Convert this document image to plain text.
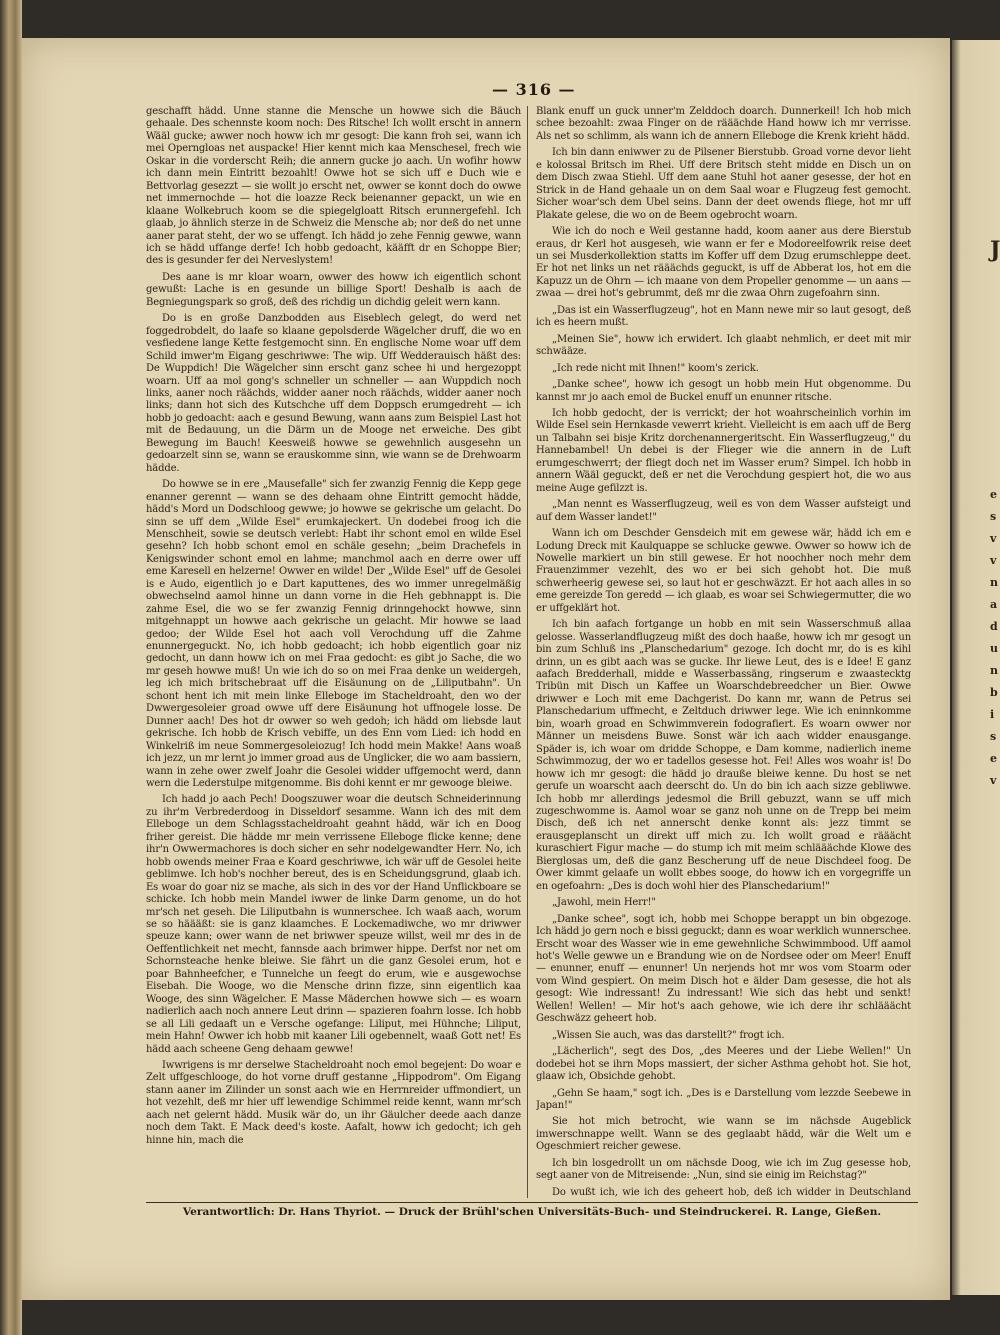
J
e
s
v
v
n
a
d
u
n
b
i
s
e
v
— 316 —

geschafft hädd. Unne stanne die Mensche un howwe sich die Bäuch gehaale. Des schennste koom noch: Des Ritsche! Ich wollt erscht in annern Wääl gucke; awwer noch howw ich mr gesogt: Die kann froh sei, wann ich mei Operngloas net auspacke! Hier kennt mich kaa Menschesel, frech wie Oskar in die vorderscht Reih; die annern gucke jo aach. Un wofihr howw ich dann mein Eintritt bezoahlt! Owwe hot se sich uff e Duch wie e Bettvorlag gesezzt — sie wollt jo erscht net, owwer se konnt doch do owwe net immernochde — hot die loazze Reck beienanner gepackt, un wie en klaane Wolkebruch koom se die spiegelgloatt Ritsch erunnergefehl. Ich glaab, jo ähnlich sterze in de Schweiz die Mensche ab; nor deß do net unne aaner parat steht, der wo se uffengt. Ich hädd jo zehe Fennig gewwe, wann ich se hädd uffange derfe! Ich hobb gedoacht, kääfft dr en Schoppe Bier; des is gesunder fer dei Nerveslystem!

Des aane is mr kloar woarn, owwer des howw ich eigentlich schont gewußt: Lache is en gesunde un billige Sport! Deshalb is aach de Begniegungspark so groß, deß des richdig un dichdig geleit wern kann.

Do is en große Danzbodden aus Eiseblech gelegt, do werd net foggedrobdelt, do laafe so klaane gepolsderde Wägelcher druff, die wo en vesfiedene lange Kette festgemocht sinn. En englische Nome woar uff dem Schild imwer'm Eigang geschriwwe: The wip. Uff Wedderauisch häßt des: De Wuppdich! Die Wägelcher sinn erscht ganz schee hi und hergezoppt woarn. Uff aa mol gong's schneller un schneller — aan Wuppdich noch links, aaner noch räächds, widder aaner noch räächds, widder aaner noch links; dann hot sich des Kutschche uff dem Doppsch erumgedreht — ich hobb jo gedoacht: aach e gesund Bewung, wann aans zum Beispiel Last hot mit de Bedauung, un die Därm un de Mooge net erweiche. Des gibt Bewegung im Bauch! Keesweiß howwe se gewehnlich ausgesehn un gedoarzelt sinn se, wann se erauskomme sinn, wie wann se de Drehwoarm hädde.

Do howwe se in ere „Mausefalle" sich fer zwanzig Fennig die Kepp gege enanner gerennt — wann se des dehaam ohne Eintritt gemocht hädde, hädd's Mord un Dodschloog gewwe; jo howwe se gekrische um gelacht. Do sinn se uff dem „Wilde Esel" erumkajeckert. Un dodebei froog ich die Menschheit, sowie se deutsch verlebt: Habt ihr schont emol en wilde Esel gesehn? Ich hobb schont emol en schäle gesehn; „beim Drachefels in Kenigswinder schont emol en lahme; manchmol aach en derre ower uff eme Karesell en helzerne! Owwer en wilde! Der „Wilde Esel" uff de Gesolei is e Audo, eigentlich jo e Dart kaputtenes, des wo immer unregelmäßig obwechselnd aamol hinne un dann vorne in die Heh gebhnappt is. Die zahme Esel, die wo se fer zwanzig Fennig drinngehockt howwe, sinn mitgehnappt un howwe aach gekrische un gelacht. Mir howwe se laad gedoo; der Wilde Esel hot aach voll Verochdung uff die Zahme enunnergeguckt. No, ich hobb gedoacht; ich hobb eigentlich goar niz gedocht, un dann howw ich on mei Fraa gedocht: es gibt jo Sache, die wo mr geseh howwe muß! Un wie ich do so on mei Fraa denke un weidergeh, leg ich mich britschebraat uff die Eisäunung on de „Liliputbahn". Un schont hent ich mit mein linke Elleboge im Stacheldroaht, den wo der Dwwergesoleier groad owwe uff dere Eisäunung hot uffnogele losse. De Dunner aach! Des hot dr owwer so weh gedoh; ich hädd om liebsde laut gekrische. Ich hobb de Krisch vebiffe, un des Enn vom Lied: ich hodd en Winkelriß im neue Sommergesoleiozug! Ich hodd mein Makke! Aans woaß ich jezz, un mr lernt jo immer groad aus de Unglicker, die wo aam bassiern, wann in zehe ower zwelf Joahr die Gesolei widder uffgemocht werd, dann wern die Lederstulpe mitgenomme. Bis dohi kennt er mr gewooge bleiwe.

Ich hadd jo aach Pech! Doogszuwer woar die deutsch Schneiderinnung zu ihr'm Verbrederdoog in Disseldorf sesamme. Wann ich des mit dem Elleboge un dem Schlagsstacheldroaht geahnt hädd, wär ich en Doog friher gereist. Die hädde mr mein verrissene Elleboge flicke kenne; dene ihr'n Owwermachores is doch sicher en sehr nodelgewandter Herr. No, ich hobb owends meiner Fraa e Koard geschriwwe, ich wär uff de Gesolei heite geblimwe. Ich hob's nochher bereut, des is en Scheidungsgrund, glaab ich. Es woar do goar niz se mache, als sich in des vor der Hand Unflickboare se schicke. Ich hobb mein Mandel iwwer de linke Darm genome, un do hot mr'sch net geseh. Die Liliputbahn is wunnerschee. Ich waaß aach, worum se so häääßt: sie is ganz klaamches. E Lockemadiwche, wo mr driwwer speuze kann; ower wann de net briwwer speuze willst, weil mr des in de Oeffentlichkeit net mecht, fannsde aach brimwer hippe. Derfst nor net om Schornsteache henke bleiwe. Sie fährt un die ganz Gesolei erum, hot e poar Bahnheefcher, e Tunnelche un feegt do erum, wie e ausgewochse Eisebah. Die Wooge, wo die Mensche drinn fizze, sinn eigentlich kaa Wooge, des sinn Wägelcher. E Masse Mäderchen howwe sich — es woarn nadierlich aach noch annere Leut drinn — spazieren foahrn losse. Ich hobb se all Lili gedaaft un e Versche ogefange: Liliput, mei Hühnche; Liliput, mein Hahn! Owwer ich hobb mit kaaner Lili ogebennelt, waaß Gott net! Es hädd aach scheene Geng dehaam gewwe!

Iwwrigens is mr derselwe Stacheldroaht noch emol begejent: Do woar e Zelt uffgeschlooge, do hot vorne druff gestanne „Hippodrom". Om Eigang stann aaner im Zilinder un sonst aach wie en Herrnreider uffmondiert, un hot vezehlt, deß mr hier uff lewendige Schimmel reide kennt, wann mr'sch aach net gelernt hädd. Musik wär do, un ihr Gäulcher deede aach danze noch dem Takt. E Mack deed's koste. Aafalt, howw ich gedocht; ich geh hinne hin, mach die

Blank enuff un guck unner'm Zelddoch doarch. Dunnerkeil! Ich hob mich schee bezoahlt: zwaa Finger on de rääächde Hand howw ich mr verrisse. Als net so schlimm, als wann ich de annern Elleboge die Krenk krieht hädd.

Ich bin dann eniwwer zu de Pilsener Bierstubb. Groad vorne devor lieht e kolossal Britsch im Rhei. Uff dere Britsch steht midde en Disch un on dem Disch zwaa Stiehl. Uff dem aane Stuhl hot aaner gesesse, der hot en Strick in de Hand gehaale un on dem Saal woar e Flugzeug fest gemocht. Sicher woar'sch dem Ubel seins. Dann der deet owends fliege, hot mr uff Plakate gelese, die wo on de Beem ogebrocht woarn.

Wie ich do noch e Weil gestanne hadd, koom aaner aus dere Bierstub eraus, dr Kerl hot ausgeseh, wie wann er fer e Modoreelfowrik reise deet un sei Musderkollektion statts im Koffer uff dem Dzug erumschleppe deet. Er hot net links un net rääächds geguckt, is uff de Abberat los, hot em die Kapuzz un de Ohrn — ich maane von dem Propeller genomme — un aans — zwaa — drei hot's gebrummt, deß mr die zwaa Ohrn zugefoahrn sinn.

„Das ist ein Wasserflugzeug", hot en Mann newe mir so laut gesogt, deß ich es heern mußt.

„Meinen Sie", howw ich erwidert. Ich glaabt nehmlich, er deet mit mir schwääze.

„Ich rede nicht mit Ihnen!" koom's zerick.

„Danke schee", howw ich gesogt un hobb mein Hut obgenomme. Du kannst mr jo aach emol de Buckel enuff un enunner ritsche.

Ich hobb gedocht, der is verrickt; der hot woahrscheinlich vorhin im Wilde Esel sein Hernkasde vewerrt krieht. Vielleicht is em aach uff de Berg un Talbahn sei bisje Kritz dorchenannergeritscht. Ein Wasserflugzeug," du Hannebambel! Un debei is der Flieger wie die annern in de Luft erumgeschwerrt; der fliegt doch net im Wasser erum? Simpel. Ich hobb in annern Wääl geguckt, deß er net die Verochdung gespiert hot, die wo aus meine Auge gefilzzt is.

„Man nennt es Wasserflugzeug, weil es von dem Wasser aufsteigt und auf dem Wasser landet!"

Wann ich om Deschder Gensdeich mit em gewese wär, hädd ich em e Lodung Dreck mit Kaulquappe se schlucke gewwe. Owwer so howw ich de Nowelle markiert un bin still gewese. Er hot noochher noch mehr dem Frauenzimmer vezehlt, des wo er bei sich gehobt hot. Die muß schwerheerig gewese sei, so laut hot er geschwäzzt. Er hot aach alles in so eme gereizde Ton geredd — ich glaab, es woar sei Schwiegermutter, die wo er uffgeklärt hot.

Ich bin aafach fortgange un hobb en mit sein Wasserschmuß allaa gelosse. Wasserlandflugzeug mißt des doch haaße, howw ich mr gesogt un bin zum Schluß ins „Planschedarium" gezoge. Ich docht mr, do is es kihl drinn, un es gibt aach was se gucke. Ihr liewe Leut, des is e Idee! E ganz aafach Bredderhall, midde e Wasserbassäng, ringserum e zwaastecktg Tribün mit Disch un Kaffee un Woarschdebreedcher un Bier. Owwe driwwer e Loch mit eme Dachgerist. Do kann mr, wann de Petrus sei Planschedarium uffmecht, e Zeltduch driwwer lege. Wie ich eninnkomme bin, woarh groad en Schwimmverein fodografiert. Es woarn owwer nor Männer un meisdens Buwe. Sonst wär ich aach widder enausgange. Späder is, ich woar om dridde Schoppe, e Dam komme, nadierlich ineme Schwimmozug, der wo er tadellos gesesse hot. Fei! Alles wos woahr is! Do howw ich mr gesogt: die hädd jo drauße bleiwe kenne. Du host se net gerufe un woarscht aach deerscht do. Un do bin ich aach sizze gebliwwe. Ich hobb mr allerdings jedesmol die Brill gebuzzt, wann se uff mich zugeschwomme is. Aamol woar se ganz noh unne on de Trepp bei meim Disch, deß ich net annerscht denke konnt als: jezz timmt se erausgeplanscht un direkt uff mich zu. Ich wollt groad e rääächt kuraschiert Figur mache — do stump ich mit meim schlääächde Klowe des Bierglosas um, deß die ganz Bescherung uff de neue Dischdeel foog. De Ower kimmt gelaafe un wollt ebbes sooge, do howw ich en vorgegriffe un en ogefoahrn: „Des is doch wohl hier des Planschedarium!"

„Jawohl, mein Herr!"

„Danke schee", sogt ich, hobb mei Schoppe berappt un bin obgezoge. Ich hädd jo gern noch e bissi geguckt; dann es woar werklich wunnerschee. Erscht woar des Wasser wie in eme gewehnliche Schwimmbood. Uff aamol hot's Welle gewwe un e Brandung wie on de Nordsee oder om Meer! Enuff — enunner, enuff — enunner! Un nerjends hot mr wos vom Stoarm oder vom Wind gespiert. On meim Disch hot e älder Dam gesesse, die hot als gesogt: Wie indressant! Zu indressant! Wie sich das hebt und senkt! Wellen! Wellen! — Mir hot's aach gehowe, wie ich dere ihr schlääächt Geschwäzz geheert hob.

„Wissen Sie auch, was das darstellt?" frogt ich.

„Lächerlich", segt des Dos, „des Meeres und der Liebe Wellen!" Un dodebei hot se ihrn Mops massiert, der sicher Asthma gehobt hot. Sie hot, glaaw ich, Obsichde gehobt.

„Gehn Se haam," sogt ich. „Des is e Darstellung vom lezzde Seebewe in Japan!"

Sie hot mich betrocht, wie wann se im nächsde Augeblick imwerschnappe wellt. Wann se des geglaabt hädd, wär die Welt um e Ogeschmiert reicher gewese.

Ich bin losgedrollt un om nächsde Doog, wie ich im Zug gesesse hob, segt aaner von de Mitreisende: „Nun, sind sie einig im Reichstag?"

Do wußt ich, wie ich des geheert hob, deß ich widder in Deutschland

Verantwortlich: Dr. Hans Thyriot. — Druck der Brühl'schen Universitäts-Buch- und Steindruckerei. R. Lange, Gießen.
